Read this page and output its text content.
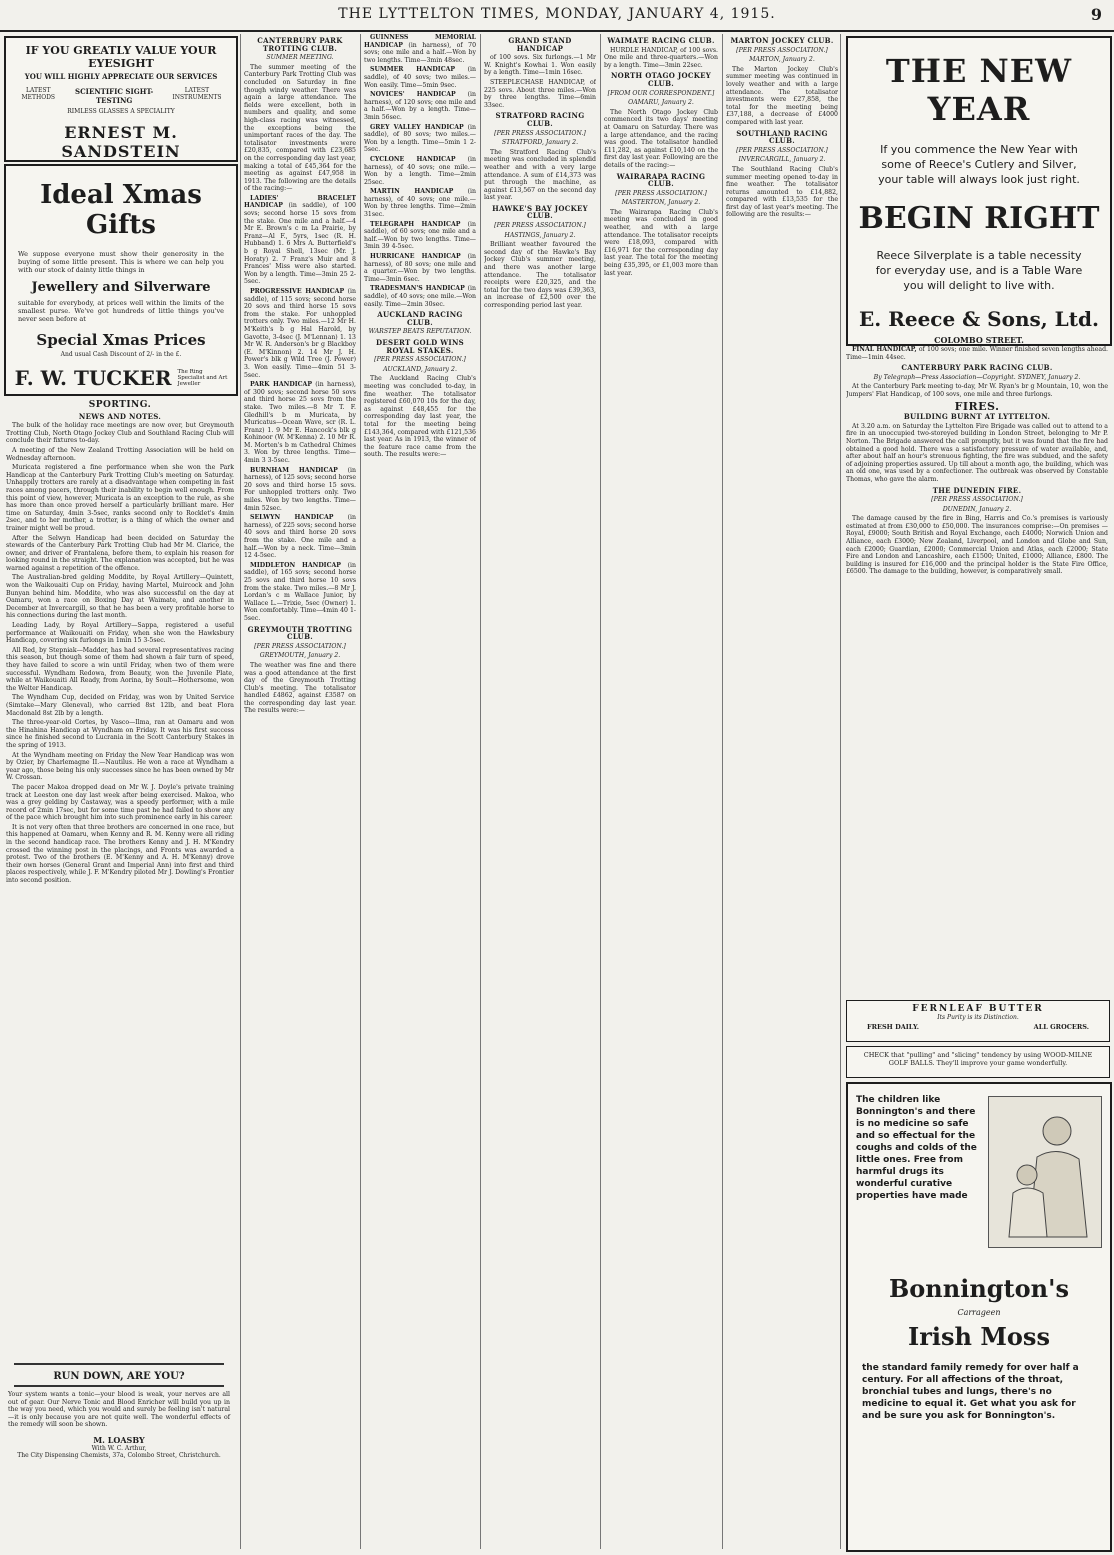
THE LYTTELTON TIMES, MONDAY, JANUARY 4, 1915.	9
IF YOU GREATLY VALUE YOUR EYESIGHT
YOU WILL HIGHLY APPRECIATE OUR SERVICES
LATEST METHODS
SCIENTIFIC SIGHT-TESTING
LATEST INSTRUMENTS
RIMLESS GLASSES A SPECIALITY
ERNEST M. SANDSTEIN
Ideal Xmas Gifts
We suppose everyone must show their generosity in the buying of some little present. This is where we can help you with our stock of dainty little things in
Jewellery and Silverware
suitable for everybody, at prices well within the limits of the smallest purse. We've got hundreds of little things you've never seen before at
Special Xmas Prices
And usual Cash Discount of 2/- in the £.
F. W. TUCKER The Ring Specialist and Art Jeweller
THE NEW YEAR
If you commence the New Year with some of Reece's Cutlery and Silver, your table will always look just right.
BEGIN RIGHT
Reece Silverplate is a table necessity for everyday use, and is a Table Ware you will delight to live with.
E. Reece & Sons, Ltd.
COLOMBO STREET.
RUN DOWN, ARE YOU?
Your system wants a tonic—your blood is weak, your nerves are all out of gear. Our Nerve Tonic and Blood Enricher will build you up in the way you need, which you would and surely be feeling isn't natural—it is only because you are not quite well. The wonderful effects of the remedy will soon be shown.
M. LOASBY
With W. C. Arthur,
The City Dispensing Chemists, 37a, Colombo Street, Christchurch.
SPORTING.
NEWS AND NOTES.

The bulk of the holiday race meetings are now over, but Greymouth Trotting Club, North Otago Jockey Club and Southland Racing Club will conclude their fixtures to-day.

A meeting of the New Zealand Trotting Association will be held on Wednesday afternoon.

Muricata registered a fine performance when she won the Park Handicap at the Canterbury Park Trotting Club's meeting on Saturday. Unhappily trotters are rarely at a disadvantage when competing in fast races among pacers, through their inability to begin well enough. From this point of view, however, Muricata is an exception to the rule, as she has more than once proved herself a particularly brilliant mare. Her time on Saturday, 4min 3-5sec, ranks second only to Rocklet's 4min 2sec, and to her mother, a trotter, is a thing of which the owner and trainer might well be proud.

After the Selwyn Handicap had been decided on Saturday the stewards of the Canterbury Park Trotting Club had Mr M. Clarice, the owner, and driver of Frantalena, before them, to explain his reason for looking round in the straight. The explanation was accepted, but he was warned against a repetition of the offence.

The Australian-bred gelding Moddite, by Royal Artillery—Quintett, won the Waikouaiti Cup on Friday, having Martel, Muircock and John Bunyan behind him. Moddite, who was also successful on the day at Oamaru, won a race on Boxing Day at Waimate, and another in December at Invercargill, so that he has been a very profitable horse to his connections during the last month.

Leading Lady, by Royal Artillery—Sappa, registered a useful performance at Waikouaiti on Friday, when she won the Hawksbury Handicap, covering six furlongs in 1min 15 3-5sec.

All Red, by Stepniak—Madder, has had several representatives racing this season, but though some of them had shown a fair turn of speed, they have failed to score a win until Friday, when two of them were successful. Wyndham Redowa, from Beauty, won the Juvenile Plate, while at Waikouaiti All Ready, from Aorina, by Soult—Hothersome, won the Welter Handicap.

The Wyndham Cup, decided on Friday, was won by United Service (Simtake—Mary Gleneval), who carried 8st 12lb, and beat Flora Macdonald 8st 2lb by a length.

The three-year-old Cortes, by Vasco—Ilma, ran at Oamaru and won the Hinahina Handicap at Wyndham on Friday. It was his first success since he finished second to Lucrania in the Scott Canterbury Stakes in the spring of 1913.

At the Wyndham meeting on Friday the New Year Handicap was won by Ozier, by Charlemagne II.—Nautilus. He won a race at Wyndham a year ago, those being his only successes since he has been owned by Mr W. Crossan.

The pacer Makoa dropped dead on Mr W. J. Doyle's private training track at Leeston one day last week after being exercised. Makoa, who was a grey gelding by Castaway, was a speedy performer, with a mile record of 2min 17sec, but for some time past he had failed to show any of the pace which brought him into such prominence early in his career.

It is not very often that three brothers are concerned in one race, but this happened at Oamaru, when Kenny and R. M. Kenny were all riding in the second handicap race. The brothers Kenny and J. H. M'Kendry crossed the winning post in the placings, and Fronts was awarded a protest. Two of the brothers (E. M'Kenny and A. H. M'Kenny) drove their own horses (General Grant and Imperial Ann) into first and third places respectively, while J. F. M'Kendry piloted Mr J. Dowling's Frontier into second position.

CANTERBURY PARK TROTTING CLUB.
SUMMER MEETING.

The summer meeting of the Canterbury Park Trotting Club was concluded on Saturday in fine though windy weather. There was again a large attendance. The fields were excellent, both in numbers and quality, and some high-class racing was witnessed, the exceptions being the unimportant races of the day. The totalisator investments were £20,835, compared with £23,685 on the corresponding day last year, making a total of £45,364 for the meeting as against £47,958 in 1913. The following are the details of the racing:—

LADIES' BRACELET HANDICAP (in saddle), of 100 sovs; second horse 15 sovs from the stake. One mile and a half.—4 Mr E. Brown's c m La Prairie, by Franz—Al F., 5yrs, 1sec (R. H. Hubband) 1. 6 Mrs A. Butterfield's b g Royal Shell, 13sec (Mr. J. Horaty) 2. 7 Franz's Muir and 8 Frances' Miss were also started. Won by a length. Time—3min 25 2-5sec.

PROGRESSIVE HANDICAP (in saddle), of 115 sovs; second horse 20 sovs and third horse 15 sovs from the stake. For unhoppled trotters only. Two miles.—12 Mr H. M'Keith's b g Hal Harold, by Gavotte, 3-4sec (J. M'Lennan) 1. 13 Mr W. R. Anderson's br g Blackboy (E. M'Kinnon) 2. 14 Mr J. H. Power's blk g Wild Tree (J. Power) 3. Won easily. Time—4min 51 3-5sec.

PARK HANDICAP (in harness), of 300 sovs; second horse 50 sovs and third horse 25 sovs from the stake. Two miles.—8 Mr T. F. Gledhill's b m Muricata, by Muricatus—Ocean Wave, scr (R. L. Franz) 1. 9 Mr E. Hancock's blk g Kohinoor (W. M'Kenna) 2. 10 Mr R. M. Morten's b m Cathedral Chimes 3. Won by three lengths. Time—4min 3 3-5sec.

BURNHAM HANDICAP (in harness), of 125 sovs; second horse 20 sovs and third horse 15 sovs. For unhoppled trotters only. Two miles. Won by two lengths. Time—4min 52sec.

SELWYN HANDICAP (in harness), of 225 sovs; second horse 40 sovs and third horse 20 sovs from the stake. One mile and a half.—Won by a neck. Time—3min 12 4-5sec.

MIDDLETON HANDICAP (in saddle), of 165 sovs; second horse 25 sovs and third horse 10 sovs from the stake. Two miles.—8 Mr J. Lordan's c m Wallace Junior, by Wallace L.—Trixie, 5sec (Owner) 1. Won comfortably. Time—4min 40 1-5sec.

GREYMOUTH TROTTING CLUB.
[PER PRESS ASSOCIATION.]
GREYMOUTH, January 2.

The weather was fine and there was a good attendance at the first day of the Greymouth Trotting Club's meeting. The totalisator handled £4862, against £3587 on the corresponding day last year. The results were:—

GUINNESS MEMORIAL HANDICAP (in harness), of 70 sovs; one mile and a half.—Won by two lengths. Time—3min 48sec.

SUMMER HANDICAP (in saddle), of 40 sovs; two miles.—Won easily. Time—5min 9sec.

NOVICES' HANDICAP (in harness), of 120 sovs; one mile and a half.—Won by a length. Time—3min 56sec.

GREY VALLEY HANDICAP (in saddle), of 80 sovs; two miles.—Won by a length. Time—5min 1 2-5sec.

CYCLONE HANDICAP (in harness), of 40 sovs; one mile.—Won by a length. Time—2min 25sec.

MARTIN HANDICAP (in harness), of 40 sovs; one mile.—Won by three lengths. Time—2min 31sec.

TELEGRAPH HANDICAP (in saddle), of 60 sovs; one mile and a half.—Won by two lengths. Time—3min 39 4-5sec.

HURRICANE HANDICAP (in harness), of 80 sovs; one mile and a quarter.—Won by two lengths. Time—3min 6sec.

TRADESMAN'S HANDICAP (in saddle), of 40 sovs; one mile.—Won easily. Time—2min 30sec.

AUCKLAND RACING CLUB.
WARSTEP BEATS REPUTATION.
DESERT GOLD WINS ROYAL STAKES.
[PER PRESS ASSOCIATION.]
AUCKLAND, January 2.

The Auckland Racing Club's meeting was concluded to-day, in fine weather. The totalisator registered £60,070 10s for the day, as against £48,455 for the corresponding day last year, the total for the meeting being £143,364, compared with £121,536 last year. As in 1913, the winner of the feature race came from the south. The results were:—

GRAND STAND HANDICAP

of 100 sovs. Six furlongs.—1 Mr W. Knight's Kowhai 1. Won easily by a length. Time—1min 16sec.

STEEPLECHASE HANDICAP, of 225 sovs. About three miles.—Won by three lengths. Time—6min 33sec.

STRATFORD RACING CLUB.
[PER PRESS ASSOCIATION.]
STRATFORD, January 2.

The Stratford Racing Club's meeting was concluded in splendid weather and with a very large attendance. A sum of £14,373 was put through the machine, as against £13,567 on the second day last year.

HAWKE'S BAY JOCKEY CLUB.
[PER PRESS ASSOCIATION.]
HASTINGS, January 2.

Brilliant weather favoured the second day of the Hawke's Bay Jockey Club's summer meeting, and there was another large attendance. The totalisator receipts were £20,325, and the total for the two days was £39,363, an increase of £2,500 over the corresponding period last year.

WAIMATE RACING CLUB.

HURDLE HANDICAP, of 100 sovs. One mile and three-quarters.—Won by a length. Time—3min 22sec.

NORTH OTAGO JOCKEY CLUB.
[FROM OUR CORRESPONDENT.]
OAMARU, January 2.

The North Otago Jockey Club commenced its two days' meeting at Oamaru on Saturday. There was a large attendance, and the racing was good. The totalisator handled £11,282, as against £10,140 on the first day last year. Following are the details of the racing:—

WAIRARAPA RACING CLUB.
[PER PRESS ASSOCIATION.]
MASTERTON, January 2.

The Wairarapa Racing Club's meeting was concluded in good weather, and with a large attendance. The totalisator receipts were £18,093, compared with £16,971 for the corresponding day last year. The total for the meeting being £35,395, or £1,003 more than last year.

MARTON JOCKEY CLUB.
[PER PRESS ASSOCIATION.]
MARTON, January 2.

The Marton Jockey Club's summer meeting was continued in lovely weather and with a large attendance. The totalisator investments were £27,858, the total for the meeting being £37,188, a decrease of £4000 compared with last year.

SOUTHLAND RACING CLUB.
[PER PRESS ASSOCIATION.]
INVERCARGILL, January 2.

The Southland Racing Club's summer meeting opened to-day in fine weather. The totalisator returns amounted to £14,882, compared with £13,535 for the first day of last year's meeting. The following are the results:—

FINAL HANDICAP, of 100 sovs; one mile. Winner finished seven lengths ahead. Time—1min 44sec.

CANTERBURY PARK RACING CLUB.
By Telegraph—Press Association—Copyright. SYDNEY, January 2.

At the Canterbury Park meeting to-day, Mr W. Ryan's br g Mountain, 10, won the Jumpers' Flat Handicap, of 100 sovs, one mile and three furlongs.

FIRES.
BUILDING BURNT AT LYTTELTON.

At 3.20 a.m. on Saturday the Lyttelton Fire Brigade was called out to attend to a fire in an unoccupied two-storeyed building in London Street, belonging to Mr P. Norton. The Brigade answered the call promptly, but it was found that the fire had obtained a good hold. There was a satisfactory pressure of water available, and, after about half an hour's strenuous fighting, the fire was subdued, and the safety of adjoining properties assured. Up till about a month ago, the building, which was an old one, was used by a confectioner. The outbreak was observed by Constable Thomas, who gave the alarm.

THE DUNEDIN FIRE.
[PER PRESS ASSOCIATION.]
DUNEDIN, January 2.

The damage caused by the fire in Bing, Harris and Co.'s premises is variously estimated at from £30,000 to £50,000. The insurances comprise:—On premises — Royal, £9000; South British and Royal Exchange, each £4000; Norwich Union and Alliance, each £3000; New Zealand, Liverpool, and London and Globe and Sun, each £2000; Guardian, £2000; Commercial Union and Atlas, each £2000; State Fire and London and Lancashire, each £1500; United, £1000; Alliance, £800. The building is insured for £16,000 and the principal holder is the State Fire Office, £6500. The damage to the building, however, is comparatively small.

FERNLEAF BUTTER
Its Purity is its Distinction.
FRESH DAILY.	ALL GROCERS.
CHECK that "pulling" and "slicing" tendency by using WOOD-MILNE GOLF BALLS. They'll improve your game wonderfully.
The children like Bonnington's and there is no medicine so safe and so effectual for the coughs and colds of the little ones. Free from harmful drugs its wonderful curative properties have made
Bonnington's
Carrageen
Irish Moss
the standard family remedy for over half a century. For all affections of the throat, bronchial tubes and lungs, there's no medicine to equal it. Get what you ask for and be sure you ask for Bonnington's.
